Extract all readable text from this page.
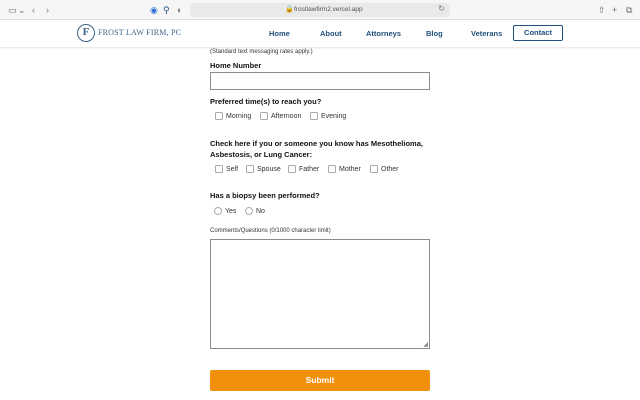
▭ ⌄ ‹ ›	◉ ⚲ ◐	🔒 frostlawfirm2.vercel.app	↻	⇧ + ⧉
F	FROST LAW FIRM, PC	Home	About	Attorneys	Blog	Veterans	Contact
(Standard text messaging rates apply.)
Home Number
Preferred time(s) to reach you?
Morning	Afternoon	Evening
Check here if you or someone you know has Mesothelioma,
Asbestosis, or Lung Cancer:
Self	Spouse	Father	Mother	Other
Has a biopsy been performed?
Yes	No
Comments/Questions (0/1000 character limit)
◢
Submit
